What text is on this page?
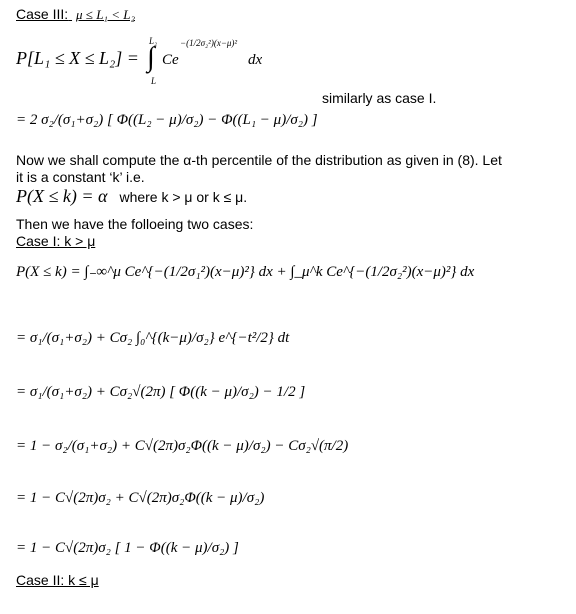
Case III: μ ≤ L₁ < L₂
P[L₁ ≤ X ≤ L₂] =
L₂
∫
L
Ce
−(1/2σ₂²)(x−μ)²
dx
similarly as case I.
= 2 σ₂/(σ₁+σ₂) [ Φ((L₂ − μ)/σ₂) − Φ((L₁ − μ)/σ₂) ]
Now we shall compute the α-th percentile of the distribution as given in (8). Let
it is a constant ‘k’ i.e.
P(X ≤ k) = α where k > μ or k ≤ μ.
Then we have the folloeing two cases:
Case I: k > μ
P(X ≤ k) = ∫₋∞^μ Ce^{−(1/2σ₁²)(x−μ)²} dx + ∫_μ^k Ce^{−(1/2σ₂²)(x−μ)²} dx
= σ₁/(σ₁+σ₂) + Cσ₂ ∫₀^{(k−μ)/σ₂} e^{−t²/2} dt
= σ₁/(σ₁+σ₂) + Cσ₂√(2π) [ Φ((k − μ)/σ₂) − 1/2 ]
= 1 − σ₂/(σ₁+σ₂) + C√(2π)σ₂Φ((k − μ)/σ₂) − Cσ₂√(π/2)
= 1 − C√(2π)σ₂ + C√(2π)σ₂Φ((k − μ)/σ₂)
= 1 − C√(2π)σ₂ [ 1 − Φ((k − μ)/σ₂) ]
Case II: k ≤ μ
